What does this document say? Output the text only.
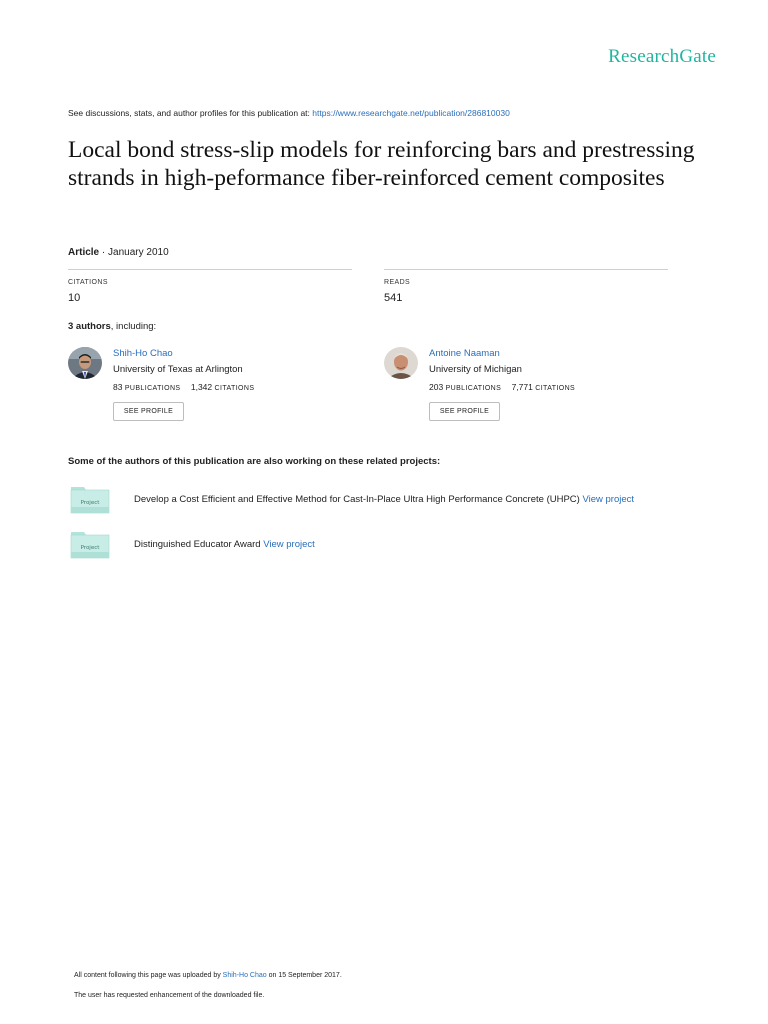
ResearchGate
See discussions, stats, and author profiles for this publication at: https://www.researchgate.net/publication/286810030
Local bond stress-slip models for reinforcing bars and prestressing strands in high-peformance fiber-reinforced cement composites
Article · January 2010
CITATIONS
10
READS
541
3 authors, including:
Shih-Ho Chao
University of Texas at Arlington
83 PUBLICATIONS 1,342 CITATIONS
SEE PROFILE
Antoine Naaman
University of Michigan
203 PUBLICATIONS 7,771 CITATIONS
SEE PROFILE
Some of the authors of this publication are also working on these related projects:
Project	Develop a Cost Efficient and Effective Method for Cast-In-Place Ultra High Performance Concrete (UHPC) View project
Project	Distinguished Educator Award View project
All content following this page was uploaded by Shih-Ho Chao on 15 September 2017.
The user has requested enhancement of the downloaded file.
